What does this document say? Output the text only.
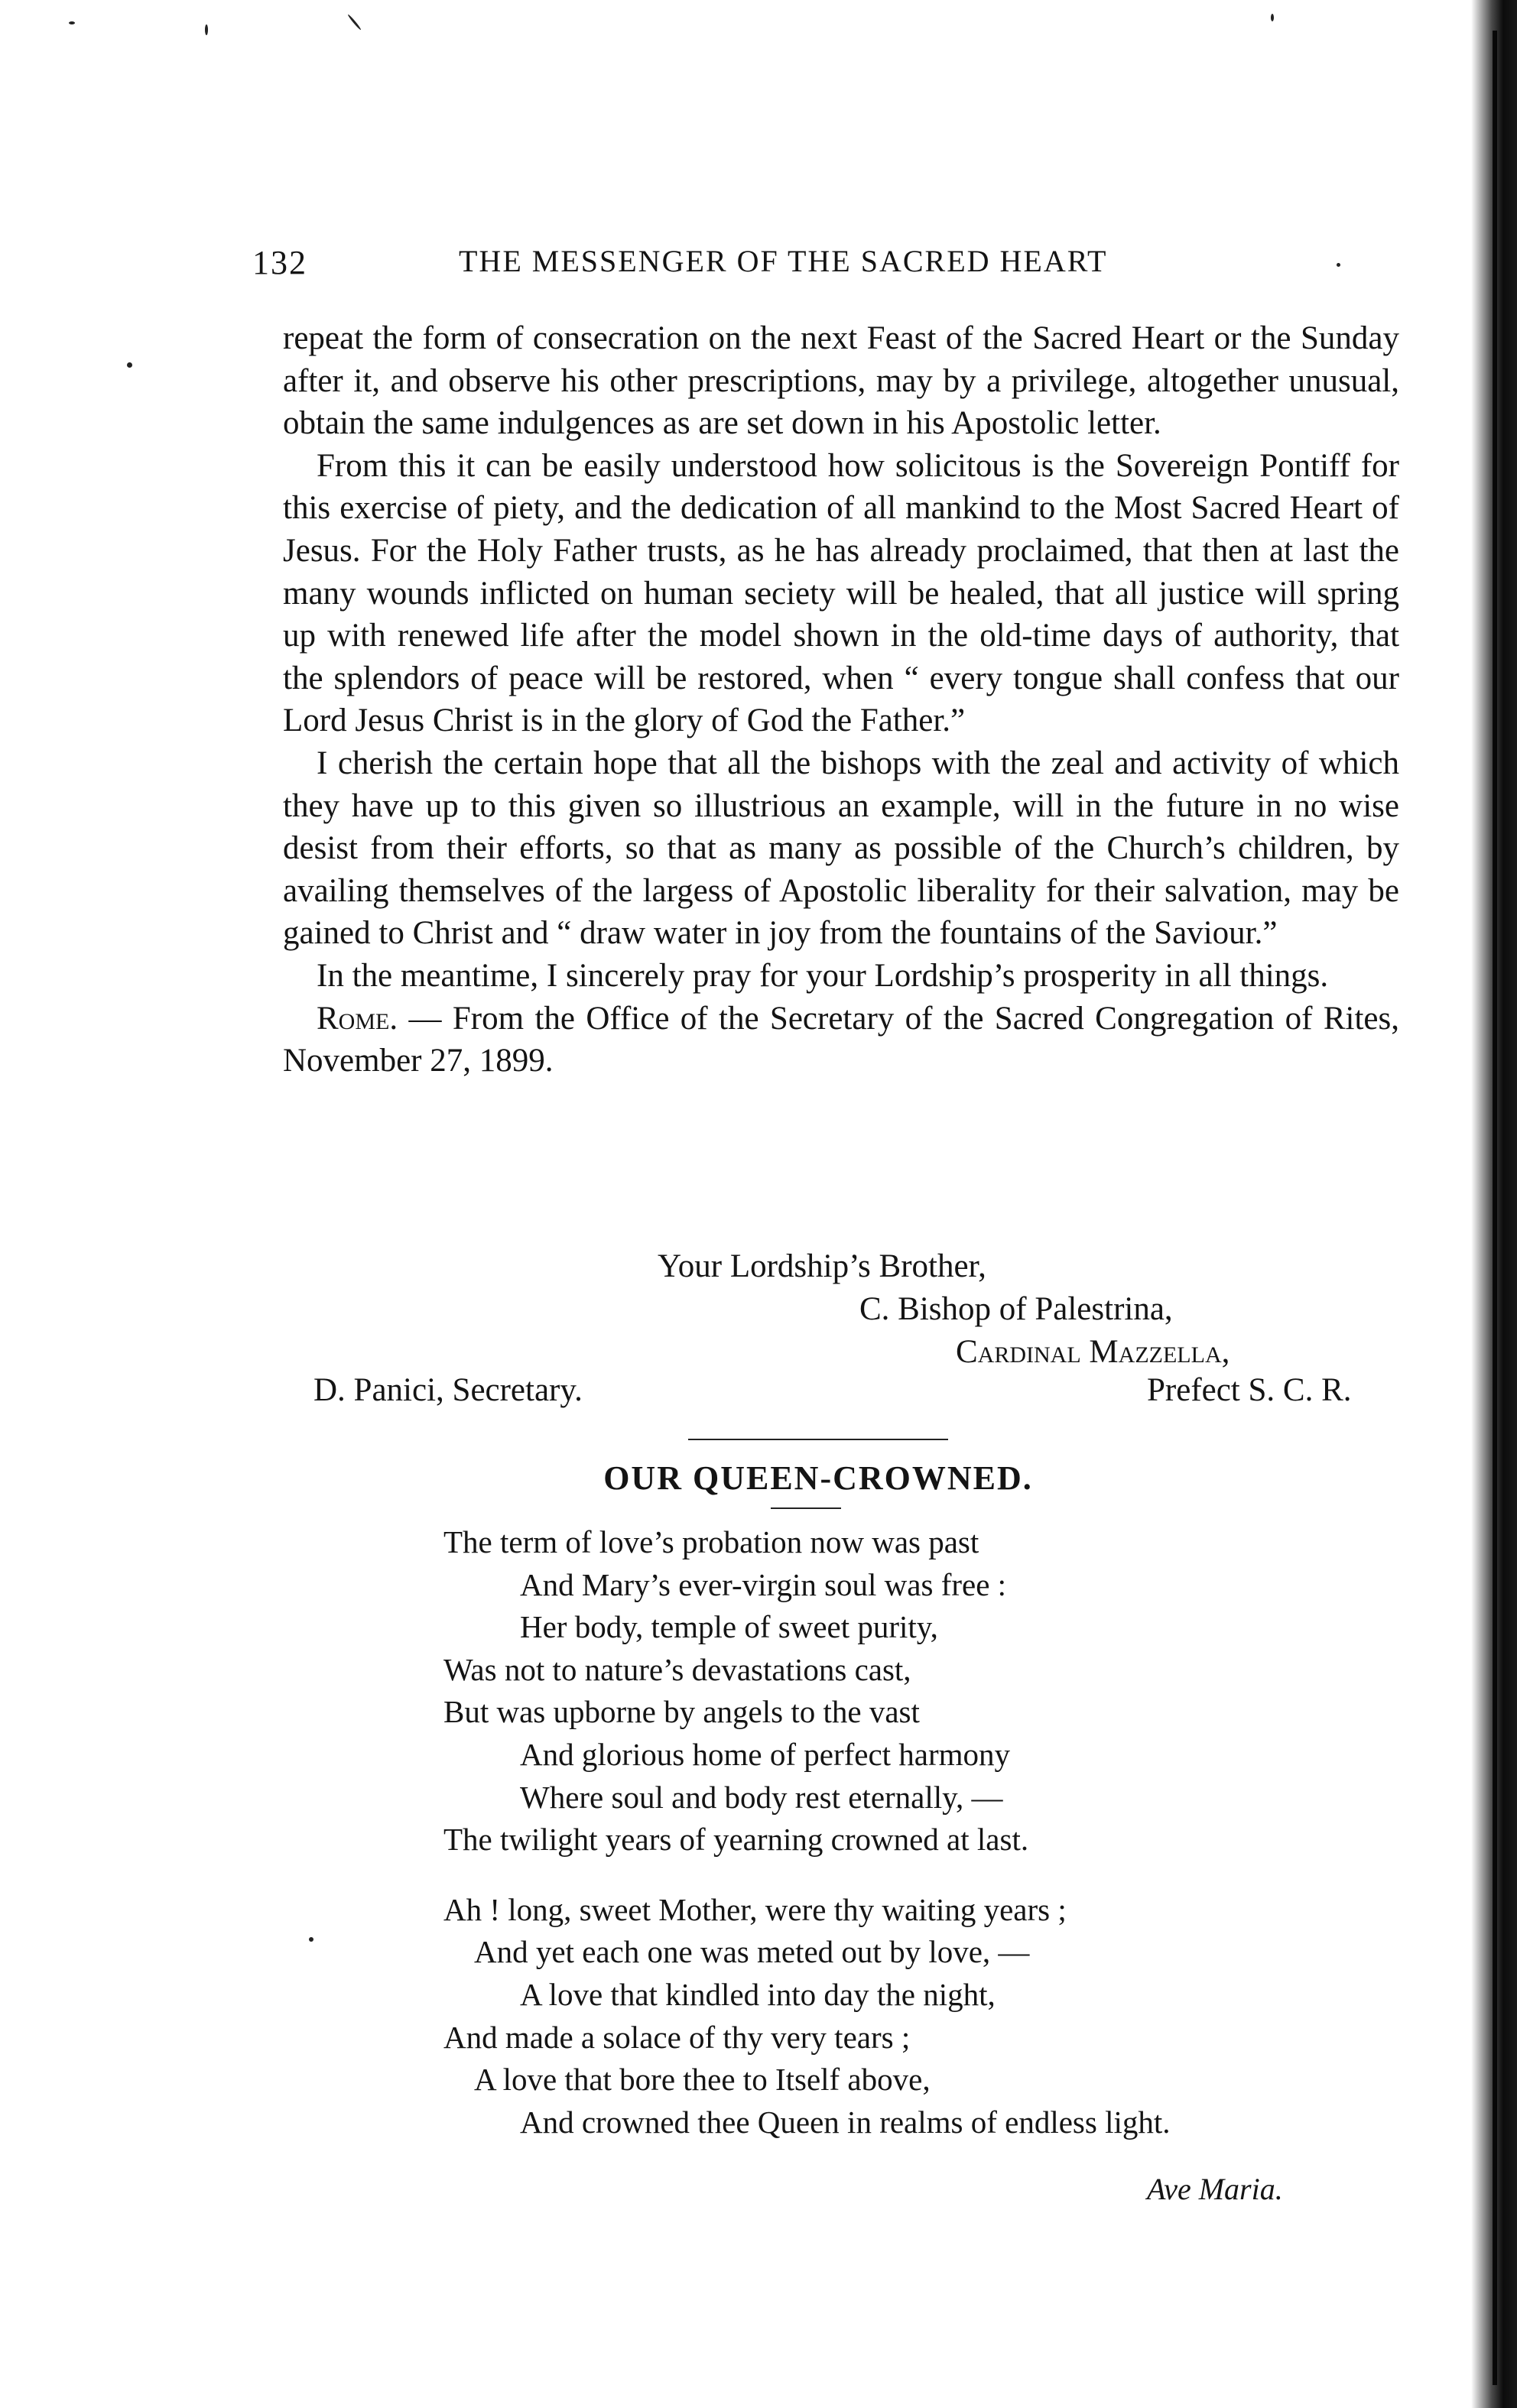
132	THE MESSENGER OF THE SACRED HEART

repeat the form of consecration on the next Feast of the Sacred Heart or the Sunday after it, and observe his other prescriptions, may by a privilege, altogether unusual, obtain the same indulgences as are set down in his Apostolic letter.

From this it can be easily understood how solicitous is the Sovereign Pontiff for this exercise of piety, and the dedication of all mankind to the Most Sacred Heart of Jesus. For the Holy Father trusts, as he has already proclaimed, that then at last the many wounds inflicted on human seciety will be healed, that all justice will spring up with renewed life after the model shown in the old-time days of authority, that the splendors of peace will be restored, when “ every tongue shall confess that our Lord Jesus Christ is in the glory of God the Father.”

I cherish the certain hope that all the bishops with the zeal and activity of which they have up to this given so illustrious an example, will in the future in no wise desist from their efforts, so that as many as possible of the Church’s children, by availing themselves of the largess of Apostolic liberality for their salvation, may be gained to Christ and “ draw water in joy from the fountains of the Saviour.”

In the meantime, I sincerely pray for your Lordship’s prosperity in all things.

Rome. — From the Office of the Secretary of the Sacred Congregation of Rites, November 27, 1899.

Your Lordship’s Brother,
C. Bishop of Palestrina,
Cardinal Mazzella,
D. Panici, Secretary.	Prefect S. C. R.
OUR QUEEN-CROWNED.
The term of love’s probation now was past
And Mary’s ever-virgin soul was free :
Her body, temple of sweet purity,
Was not to nature’s devastations cast,
But was upborne by angels to the vast
And glorious home of perfect harmony
Where soul and body rest eternally, —
The twilight years of yearning crowned at last.
Ah ! long, sweet Mother, were thy waiting years ;
And yet each one was meted out by love, —
A love that kindled into day the night,
And made a solace of thy very tears ;
A love that bore thee to Itself above,
And crowned thee Queen in realms of endless light.
Ave Maria.
